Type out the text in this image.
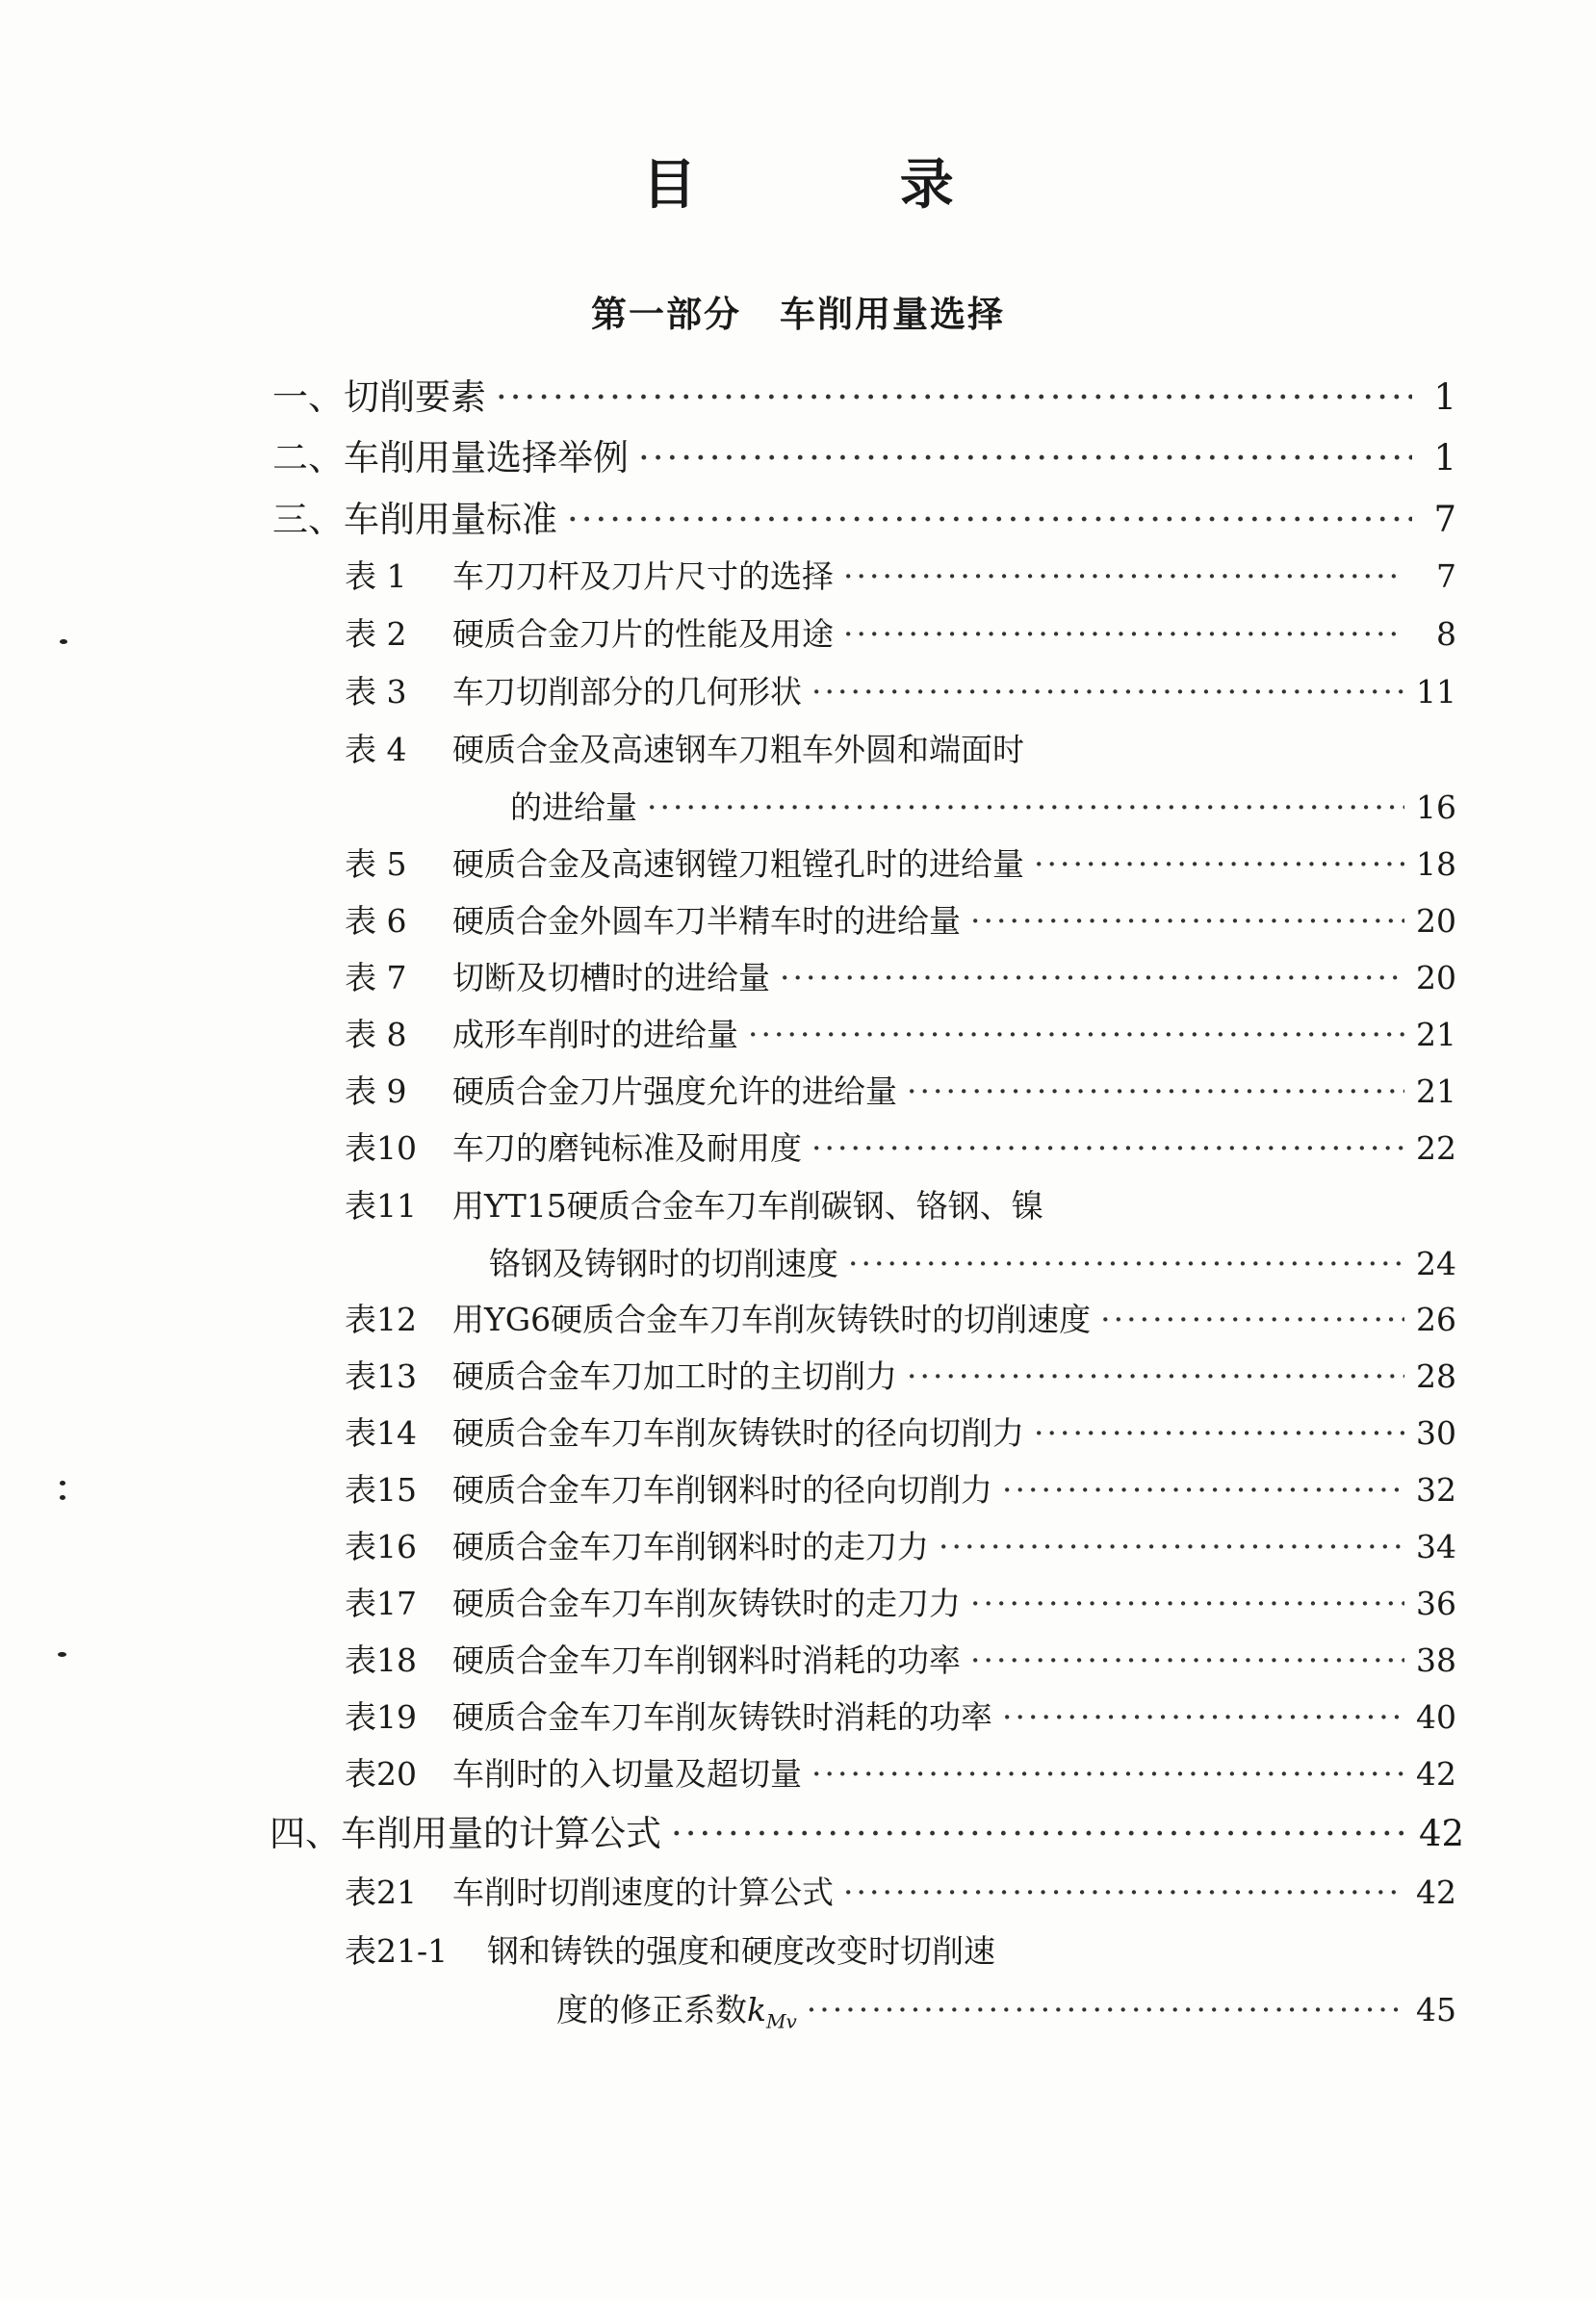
目 录
第一部分 车削用量选择
一、切削要素 ·····	1
二、车削用量选择举例 ·····	1
三、车削用量标准 ·····	7
表 1 车刀刀杆及刀片尺寸的选择 ·····	7
表 2 硬质合金刀片的性能及用途 ·····	8
表 3 车刀切削部分的几何形状 ·····	11
表 4 硬质合金及高速钢车刀粗车外圆和端面时
的进给量 ·····	16
表 5 硬质合金及高速钢镗刀粗镗孔时的进给量 ·····	18
表 6 硬质合金外圆车刀半精车时的进给量 ·····	20
表 7 切断及切槽时的进给量 ·····	20
表 8 成形车削时的进给量 ·····	21
表 9 硬质合金刀片强度允许的进给量 ·····	21
表10 车刀的磨钝标准及耐用度 ·····	22
表11 用YT15硬质合金车刀车削碳钢、铬钢、镍
铬钢及铸钢时的切削速度 ·····	24
表12 用YG6硬质合金车刀车削灰铸铁时的切削速度 ·····	26
表13 硬质合金车刀加工时的主切削力 ·····	28
表14 硬质合金车刀车削灰铸铁时的径向切削力 ·····	30
表15 硬质合金车刀车削钢料时的径向切削力 ·····	32
表16 硬质合金车刀车削钢料时的走刀力 ·····	34
表17 硬质合金车刀车削灰铸铁时的走刀力 ·····	36
表18 硬质合金车刀车削钢料时消耗的功率 ·····	38
表19 硬质合金车刀车削灰铸铁时消耗的功率 ·····	40
表20 车削时的入切量及超切量 ·····	42
四、车削用量的计算公式 ·····	42
表21 车削时切削速度的计算公式 ·····	42
表21-1 钢和铸铁的强度和硬度改变时切削速
度的修正系数$k_{Mv}$ ·····	45
